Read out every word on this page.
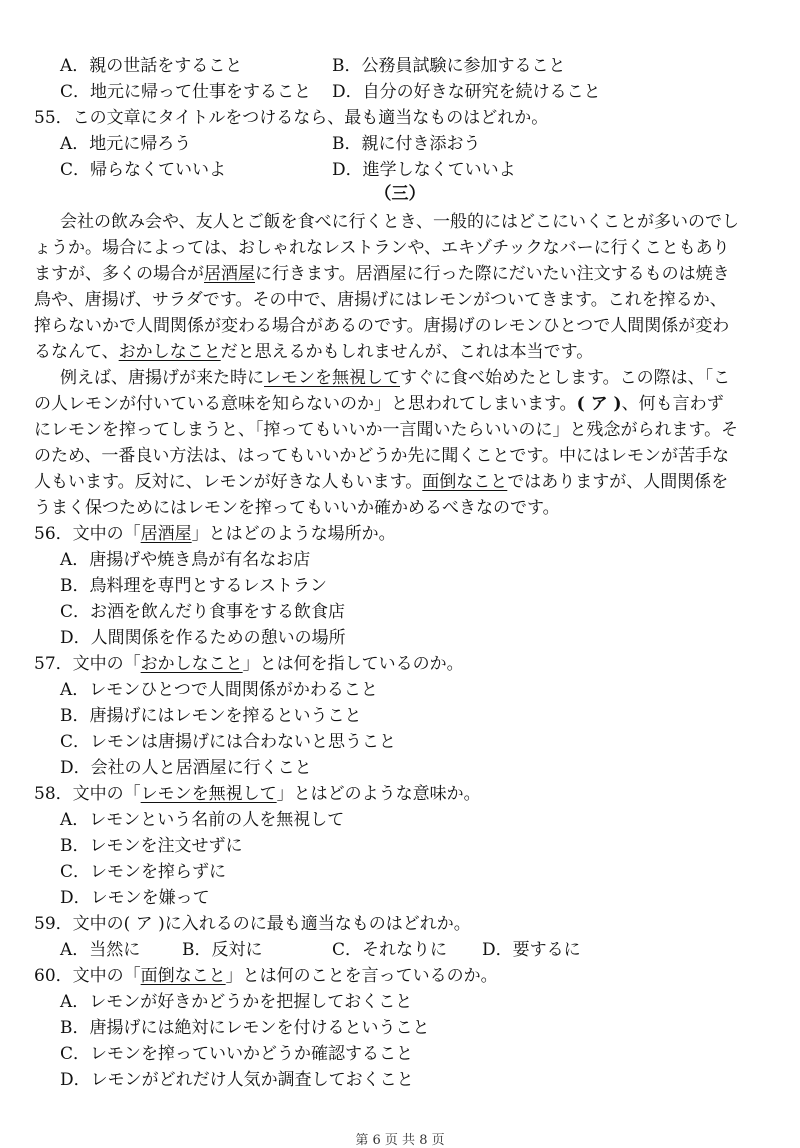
A．親の世話をすること	B．公務員試験に参加すること
C．地元に帰って仕事をすること D．自分の好きな研究を続けること
55．この文章にタイトルをつけるなら、最も適当なものはどれか。
A．地元に帰ろう	B．親に付き添おう
C．帰らなくていいよ	D．進学しなくていいよ
（三）
会社の飲み会や、友人とご飯を食べに行くとき、一般的にはどこにいくことが多いのでし
ょうか。場合によっては、おしゃれなレストランや、エキゾチックなバーに行くこともあり
ますが、多くの場合が居酒屋に行きます。居酒屋に行った際にだいたい注文するものは焼き
鳥や、唐揚げ、サラダです。その中で、唐揚げにはレモンがついてきます。これを搾るか、
搾らないかで人間関係が変わる場合があるのです。唐揚げのレモンひとつで人間関係が変わ
るなんて、おかしなことだと思えるかもしれませんが、これは本当です。
例えば、唐揚げが来た時にレモンを無視してすぐに食べ始めたとします。この際は、「こ
の人レモンが付いている意味を知らないのか」と思われてしまいます。( ア )、何も言わず
にレモンを搾ってしまうと、「搾ってもいいか一言聞いたらいいのに」と残念がられます。そ
のため、一番良い方法は、はってもいいかどうか先に聞くことです。中にはレモンが苦手な
人もいます。反対に、レモンが好きな人もいます。面倒なことではありますが、人間関係を
うまく保つためにはレモンを搾ってもいいか確かめるべきなのです。
56．文中の「居酒屋」とはどのような場所か。
A．唐揚げや焼き鳥が有名なお店
B．鳥料理を専門とするレストラン
C．お酒を飲んだり食事をする飲食店
D．人間関係を作るための憩いの場所
57．文中の「おかしなこと」とは何を指しているのか。
A．レモンひとつで人間関係がかわること
B．唐揚げにはレモンを搾るということ
C．レモンは唐揚げには合わないと思うこと
D．会社の人と居酒屋に行くこと
58．文中の「レモンを無視して」とはどのような意味か。
A．レモンという名前の人を無視して
B．レモンを注文せずに
C．レモンを搾らずに
D．レモンを嫌って
59．文中の( ア )に入れるのに最も適当なものはどれか。
A．当然に B．反対に	C．それなりに D．要するに
60．文中の「面倒なこと」とは何のことを言っているのか。
A．レモンが好きかどうかを把握しておくこと
B．唐揚げには絶対にレモンを付けるということ
C．レモンを搾っていいかどうか確認すること
D．レモンがどれだけ人気か調査しておくこと
第 6 页 共 8 页
